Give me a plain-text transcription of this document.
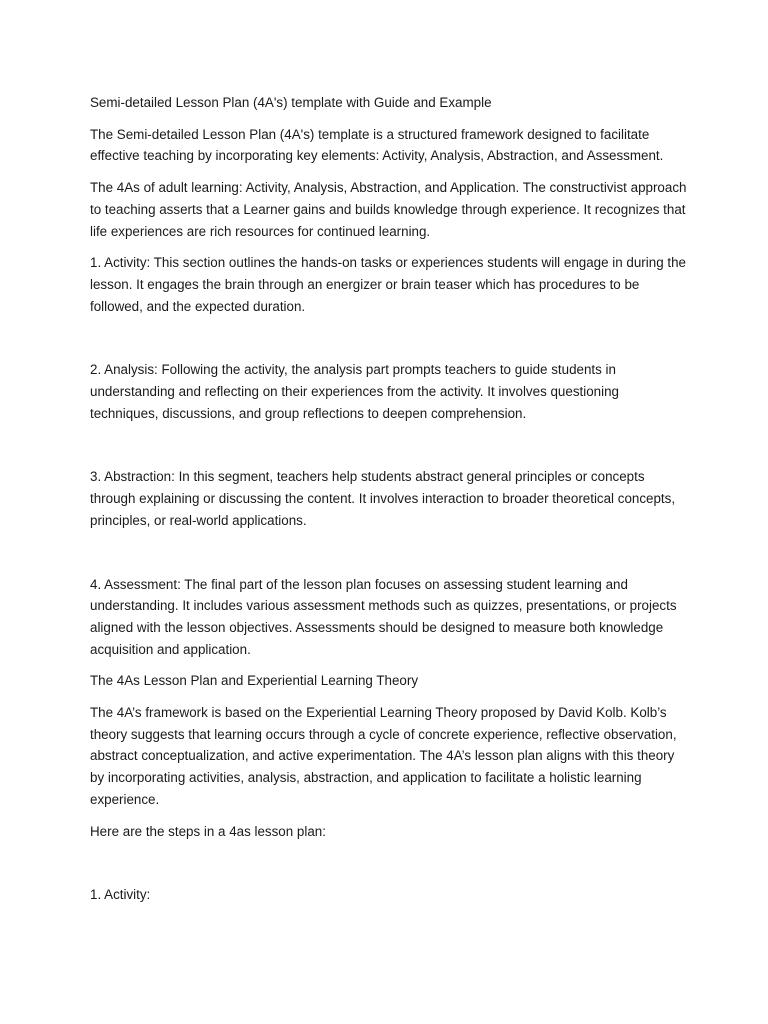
Semi-detailed Lesson Plan (4A's) template with Guide and Example

The Semi-detailed Lesson Plan (4A's) template is a structured framework designed to facilitate effective teaching by incorporating key elements: Activity, Analysis, Abstraction, and Assessment.

The 4As of adult learning: Activity, Analysis, Abstraction, and Application. The constructivist approach to teaching asserts that a Learner gains and builds knowledge through experience. It recognizes that life experiences are rich resources for continued learning.

1. Activity: This section outlines the hands-on tasks or experiences students will engage in during the lesson. It engages the brain through an energizer or brain teaser which has procedures to be followed, and the expected duration.

2. Analysis: Following the activity, the analysis part prompts teachers to guide students in understanding and reflecting on their experiences from the activity. It involves questioning techniques, discussions, and group reflections to deepen comprehension.

3. Abstraction: In this segment, teachers help students abstract general principles or concepts through explaining or discussing the content. It involves interaction to broader theoretical concepts, principles, or real-world applications.

4. Assessment: The final part of the lesson plan focuses on assessing student learning and understanding. It includes various assessment methods such as quizzes, presentations, or projects aligned with the lesson objectives. Assessments should be designed to measure both knowledge acquisition and application.

The 4As Lesson Plan and Experiential Learning Theory

The 4A’s framework is based on the Experiential Learning Theory proposed by David Kolb. Kolb’s theory suggests that learning occurs through a cycle of concrete experience, reflective observation, abstract conceptualization, and active experimentation. The 4A’s lesson plan aligns with this theory by incorporating activities, analysis, abstraction, and application to facilitate a holistic learning experience.

Here are the steps in a 4as lesson plan:

1. Activity:
